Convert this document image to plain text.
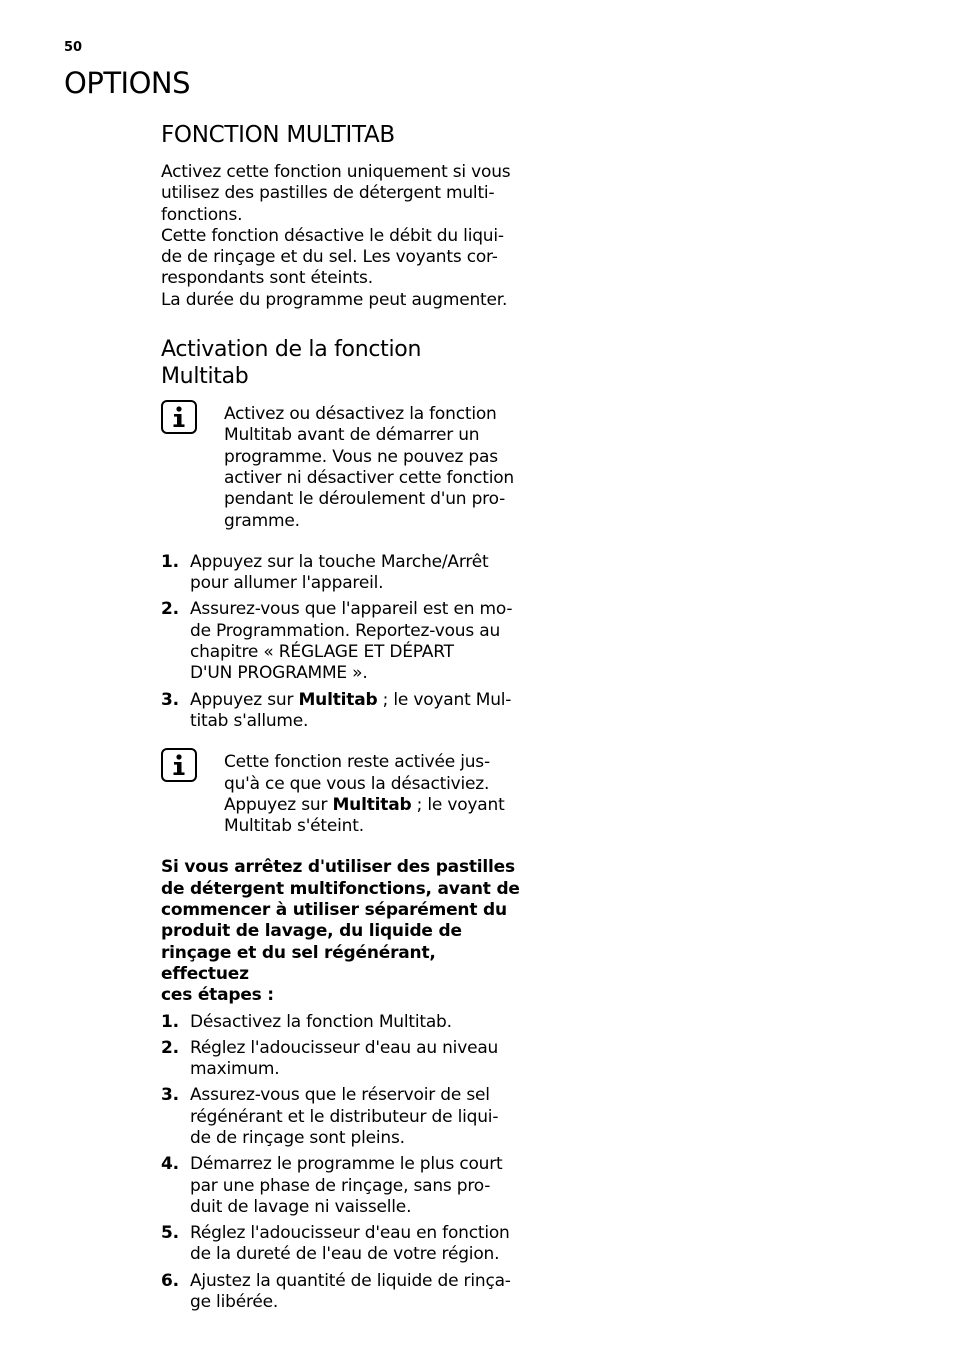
50
OPTIONS
FONCTION MULTITAB

Activez cette fonction uniquement si vous
utilisez des pastilles de détergent multi-
fonctions.
Cette fonction désactive le débit du liqui-
de de rinçage et du sel. Les voyants cor-
respondants sont éteints.
La durée du programme peut augmenter.

Activation de la fonction
Multitab
Activez ou désactivez la fonction
Multitab avant de démarrer un
programme. Vous ne pouvez pas
activer ni désactiver cette fonction
pendant le déroulement d'un pro-
gramme.
1. Appuyez sur la touche Marche/Arrêt
pour allumer l'appareil.
2. Assurez-vous que l'appareil est en mo-
de Programmation. Reportez-vous au
chapitre « RÉGLAGE ET DÉPART
D'UN PROGRAMME ».
3. Appuyez sur Multitab ; le voyant Mul-
titab s'allume.
Cette fonction reste activée jus-
qu'à ce que vous la désactiviez.
Appuyez sur Multitab ; le voyant
Multitab s'éteint.

Si vous arrêtez d'utiliser des pastilles
de détergent multifonctions, avant de
commencer à utiliser séparément du
produit de lavage, du liquide de
rinçage et du sel régénérant, effectuez
ces étapes :

1. Désactivez la fonction Multitab.
2. Réglez l'adoucisseur d'eau au niveau
maximum.
3. Assurez-vous que le réservoir de sel
régénérant et le distributeur de liqui-
de de rinçage sont pleins.
4. Démarrez le programme le plus court
par une phase de rinçage, sans pro-
duit de lavage ni vaisselle.
5. Réglez l'adoucisseur d'eau en fonction
de la dureté de l'eau de votre région.
6. Ajustez la quantité de liquide de rinça-
ge libérée.
